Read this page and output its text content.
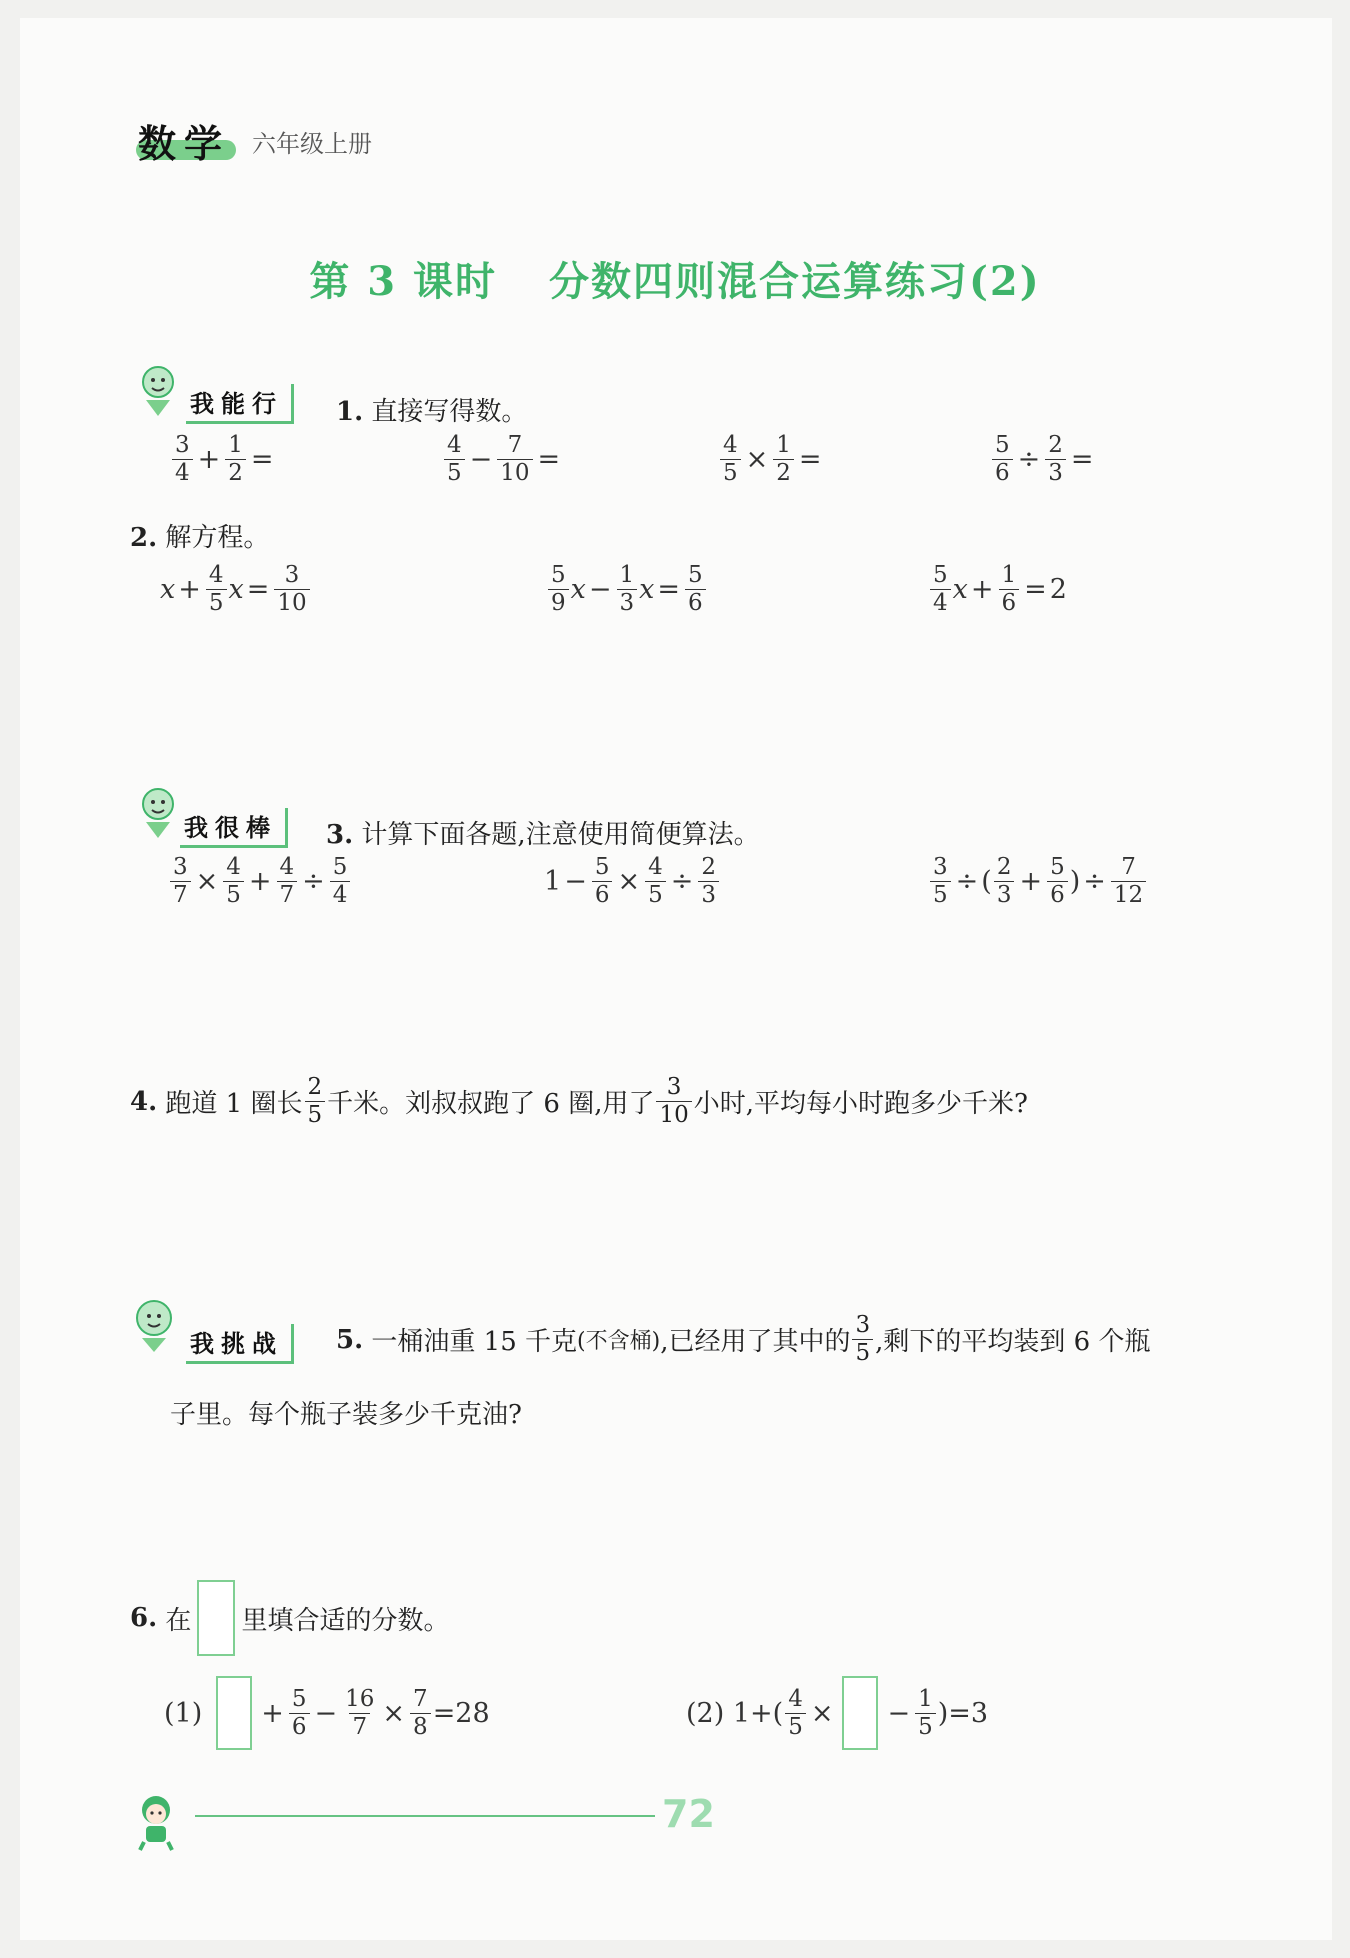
数学 六年级上册
第 3 课时 分数四则混合运算练习(2)
我能行	1. 直接写得数。
$\frac{3}{4} + \frac{1}{2}$ =	$\frac{4}{5} - \frac{7}{10}$ =	$\frac{4}{5} \times \frac{1}{2}$ =	$\frac{5}{6} \div \frac{2}{3}$ =
2. 解方程。
$x + \frac{4}{5}$ $x = \frac{3}{10}$	$\frac{5}{9}$ $x - \frac{1}{3}$ $x = \frac{5}{6}$	$\frac{5}{4}$ $x + \frac{1}{6} = 2$
我很棒	3. 计算下面各题,注意使用简便算法。
$\frac{3}{7} \times \frac{4}{5} + \frac{4}{7} \div \frac{5}{4}$	$1 - \frac{5}{6} \times \frac{4}{5} \div \frac{2}{3}$	$\frac{3}{5}$ ÷ ( $\frac{2}{3} + \frac{5}{6}$ ) ÷ $\frac{7}{12}$
4.
跑道 1 圈长 $\frac{2}{5}$ 千米。刘叔叔跑了 6 圈,用了 $\frac{3}{10}$ 小时,平均每小时跑多少千米?
我挑战	5.
一桶油重 15 千克 (不含桶) ,已经用了其中的 $\frac{3}{5}$ ,剩下的平均装到 6 个瓶
子里。每个瓶子装多少千克油?
6.
在 里填合适的分数。
$(1) + \frac{5}{6} - \frac{16}{7} \times \frac{7}{8} =28$	(2)
$1+( \frac{4}{5}$ × − $\frac{1}{5} )=3$
72
